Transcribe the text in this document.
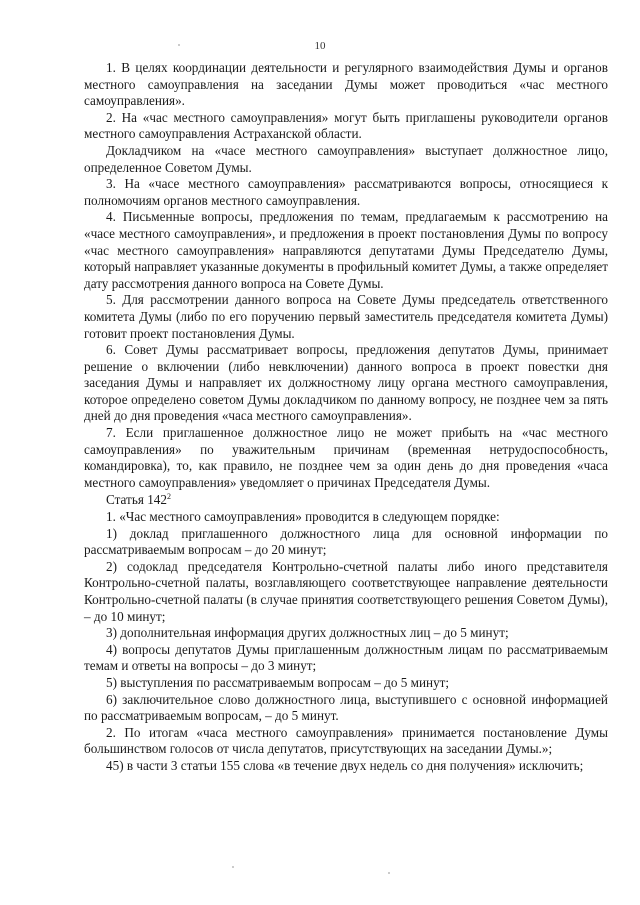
10

1. В целях координации деятельности и регулярного взаимодействия Думы и органов местного самоуправления на заседании Думы может проводиться «час местного самоуправления».

2. На «час местного самоуправления» могут быть приглашены руководители органов местного самоуправления Астраханской области.

Докладчиком на «часе местного самоуправления» выступает должностное лицо, определенное Советом Думы.

3. На «часе местного самоуправления» рассматриваются вопросы, относящиеся к полномочиям органов местного самоуправления.

4. Письменные вопросы, предложения по темам, предлагаемым к рассмотрению на «часе местного самоуправления», и предложения в проект постановления Думы по вопросу «час местного самоуправления» направляются депутатами Думы Председателю Думы, который направляет указанные документы в профильный комитет Думы, а также определяет дату рассмотрения данного вопроса на Совете Думы.

5. Для рассмотрении данного вопроса на Совете Думы председатель ответственного комитета Думы (либо по его поручению первый заместитель председателя комитета Думы) готовит проект постановления Думы.

6. Совет Думы рассматривает вопросы, предложения депутатов Думы, принимает решение о включении (либо невключении) данного вопроса в проект повестки дня заседания Думы и направляет их должностному лицу органа местного самоуправления, которое определено советом Думы докладчиком по данному вопросу, не позднее чем за пять дней до дня проведения «часа местного самоуправления».

7. Если приглашенное должностное лицо не может прибыть на «час местного самоуправления» по уважительным причинам (временная нетрудоспособность, командировка), то, как правило, не позднее чем за один день до дня проведения «часа местного самоуправления» уведомляет о причинах Председателя Думы.

Статья $142^2$

1. «Час местного самоуправления» проводится в следующем порядке:

1) доклад приглашенного должностного лица для основной информации по рассматриваемым вопросам – до 20 минут;

2) содоклад председателя Контрольно-счетной палаты либо иного представителя Контрольно-счетной палаты, возглавляющего соответствующее направление деятельности Контрольно-счетной палаты (в случае принятия соответствующего решения Советом Думы), – до 10 минут;

3) дополнительная информация других должностных лиц – до 5 минут;

4) вопросы депутатов Думы приглашенным должностным лицам по рассматриваемым темам и ответы на вопросы – до 3 минут;

5) выступления по рассматриваемым вопросам – до 5 минут;

6) заключительное слово должностного лица, выступившего с основной информацией по рассматриваемым вопросам, – до 5 минут.

2. По итогам «часа местного самоуправления» принимается постановление Думы большинством голосов от числа депутатов, присутствующих на заседании Думы.»;

45) в части 3 статьи 155 слова «в течение двух недель со дня получения» исключить;
